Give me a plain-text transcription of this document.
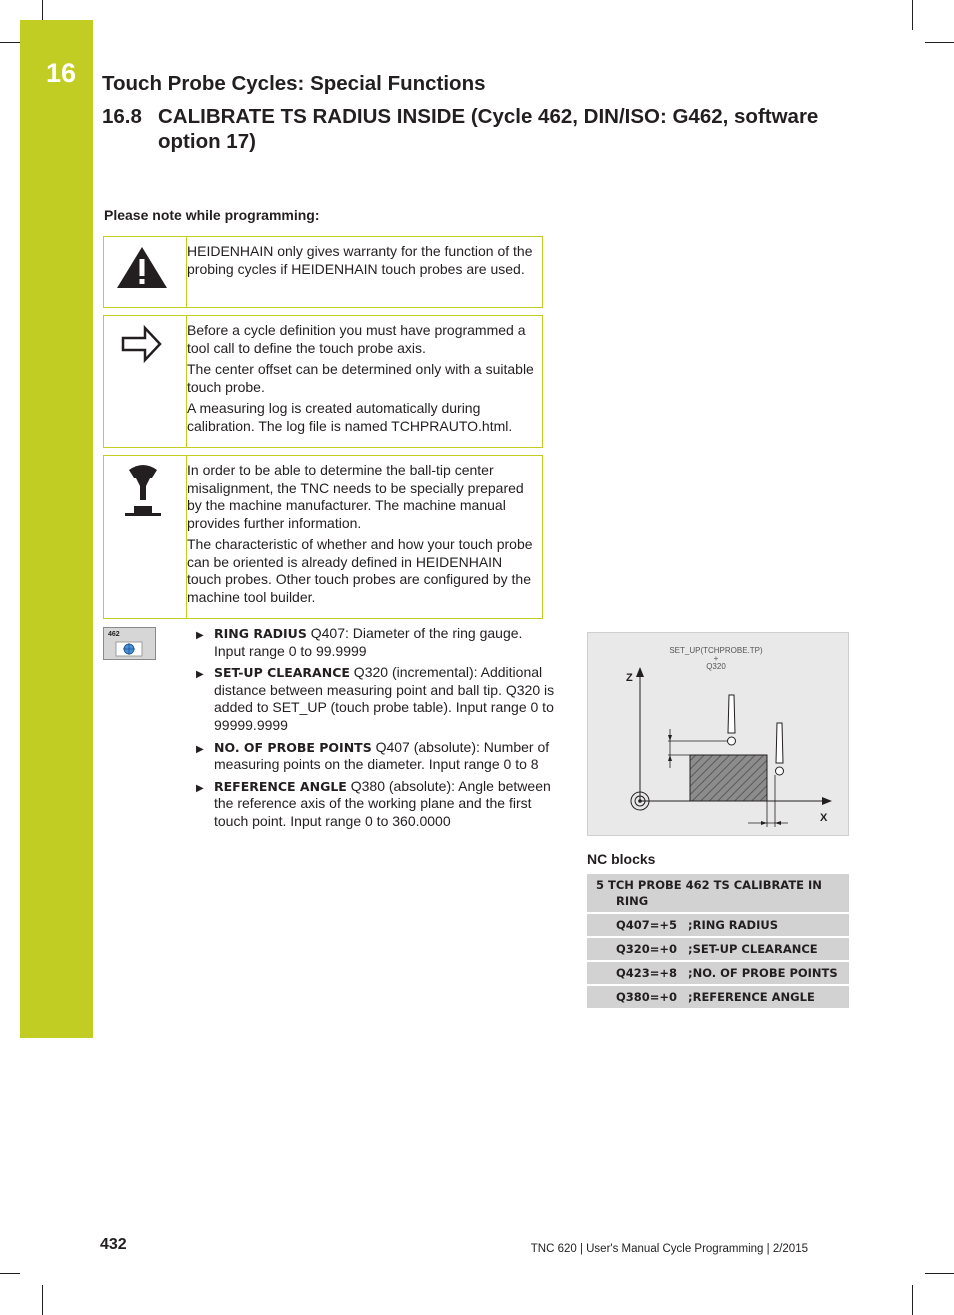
16 Touch Probe Cycles: Special Functions
16.8 CALIBRATE TS RADIUS INSIDE (Cycle 462, DIN/ISO: G462, software option 17)
Please note while programming:

HEIDENHAIN only gives warranty for the function of the probing cycles if HEIDENHAIN touch probes are used.

Before a cycle definition you must have programmed a tool call to define the touch probe axis.

The center offset can be determined only with a suitable touch probe.

A measuring log is created automatically during calibration. The log file is named TCHPRAUTO.html.

In order to be able to determine the ball-tip center misalignment, the TNC needs to be specially prepared by the machine manufacturer. The machine manual provides further information.

The characteristic of whether and how your touch probe can be oriented is already defined in HEIDENHAIN touch probes. Other touch probes are configured by the machine tool builder.

462	▶ RING RADIUS Q407: Diameter of the ring gauge. Input range 0 to 99.9999
▶ SET-UP CLEARANCE Q320 (incremental): Additional distance between measuring point and ball tip. Q320 is added to SET_UP (touch probe table). Input range 0 to 99999.9999
▶ NO. OF PROBE POINTS Q407 (absolute): Number of measuring points on the diameter. Input range 0 to 8
▶ REFERENCE ANGLE Q380 (absolute): Angle between the reference axis of the working plane and the first touch point. Input range 0 to 360.0000
SET_UP(TCHPROBE.TP)
+
Q320
Z
X
NC blocks
5 TCH PROBE 462 TS CALIBRATE IN
RING
Q407=+5 ;RING RADIUS
Q320=+0 ;SET-UP CLEARANCE
Q423=+8 ;NO. OF PROBE POINTS
Q380=+0 ;REFERENCE ANGLE
432	TNC 620 | User's Manual Cycle Programming | 2/2015
